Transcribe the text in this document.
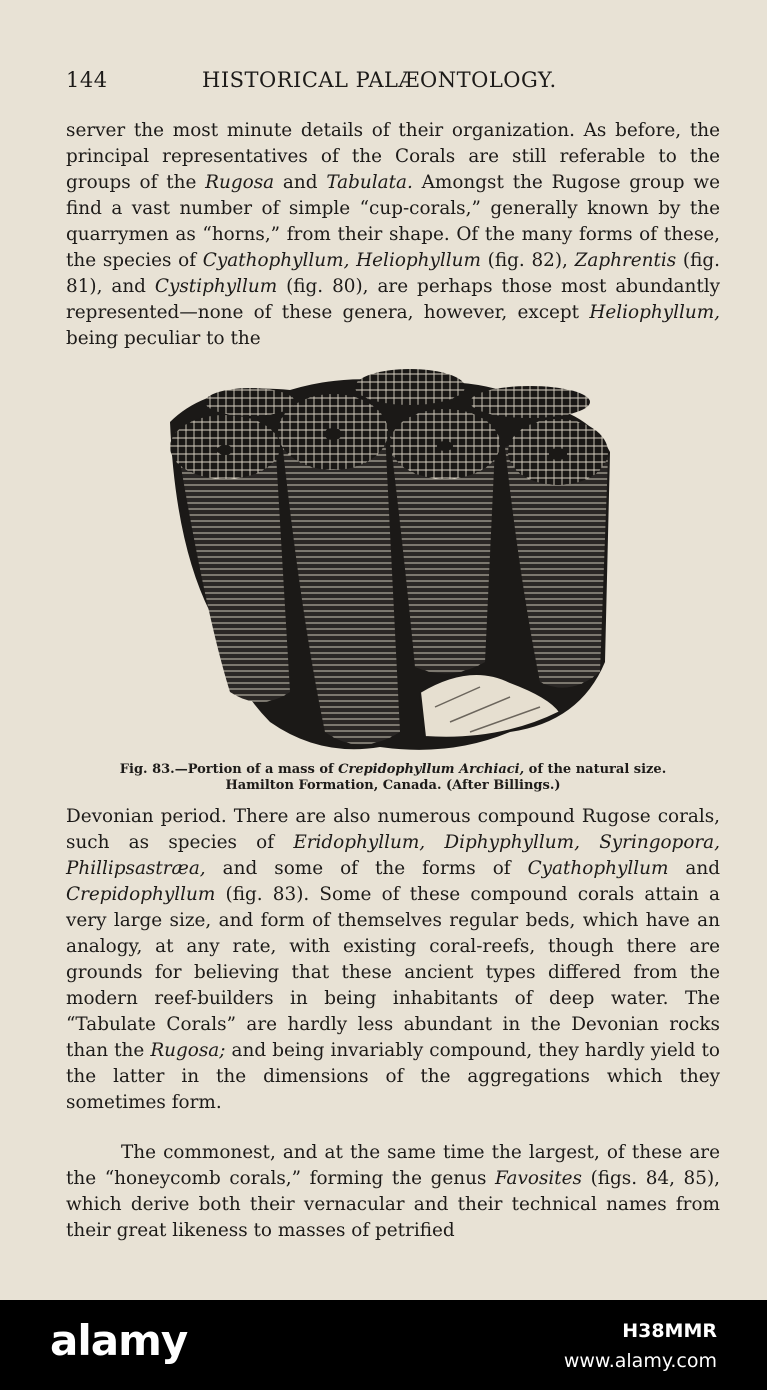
144	HISTORICAL PALÆONTOLOGY.

server the most minute details of their organization. As before, the principal representatives of the Corals are still referable to the groups of the Rugosa and Tabulata. Amongst the Rugose group we find a vast number of simple “cup-corals,” generally known by the quarrymen as “horns,” from their shape. Of the many forms of these, the species of Cyathophyllum, Heliophyllum (fig. 82), Zaphrentis (fig. 81), and Cystiphyllum (fig. 80), are perhaps those most abundantly represented—none of these genera, however, except Heliophyllum, being peculiar to the

Fig. 83.—Portion of a mass of Crepidophyllum Archiaci, of the natural size.
Hamilton Formation, Canada. (After Billings.)

Devonian period. There are also numerous compound Rugose corals, such as species of Eridophyllum, Diphyphyllum, Syringopora, Phillipsastræa, and some of the forms of Cyathophyllum and Crepidophyllum (fig. 83). Some of these compound corals attain a very large size, and form of themselves regular beds, which have an analogy, at any rate, with existing coral-reefs, though there are grounds for believing that these ancient types differed from the modern reef-builders in being inhabitants of deep water. The “Tabulate Corals” are hardly less abundant in the Devonian rocks than the Rugosa; and being invariably compound, they hardly yield to the latter in the dimensions of the aggregations which they sometimes form.

The commonest, and at the same time the largest, of these are the “honeycomb corals,” forming the genus Favosites (figs. 84, 85), which derive both their vernacular and their technical names from their great likeness to masses of petrified

alamy	H38MMR
www.alamy.com
